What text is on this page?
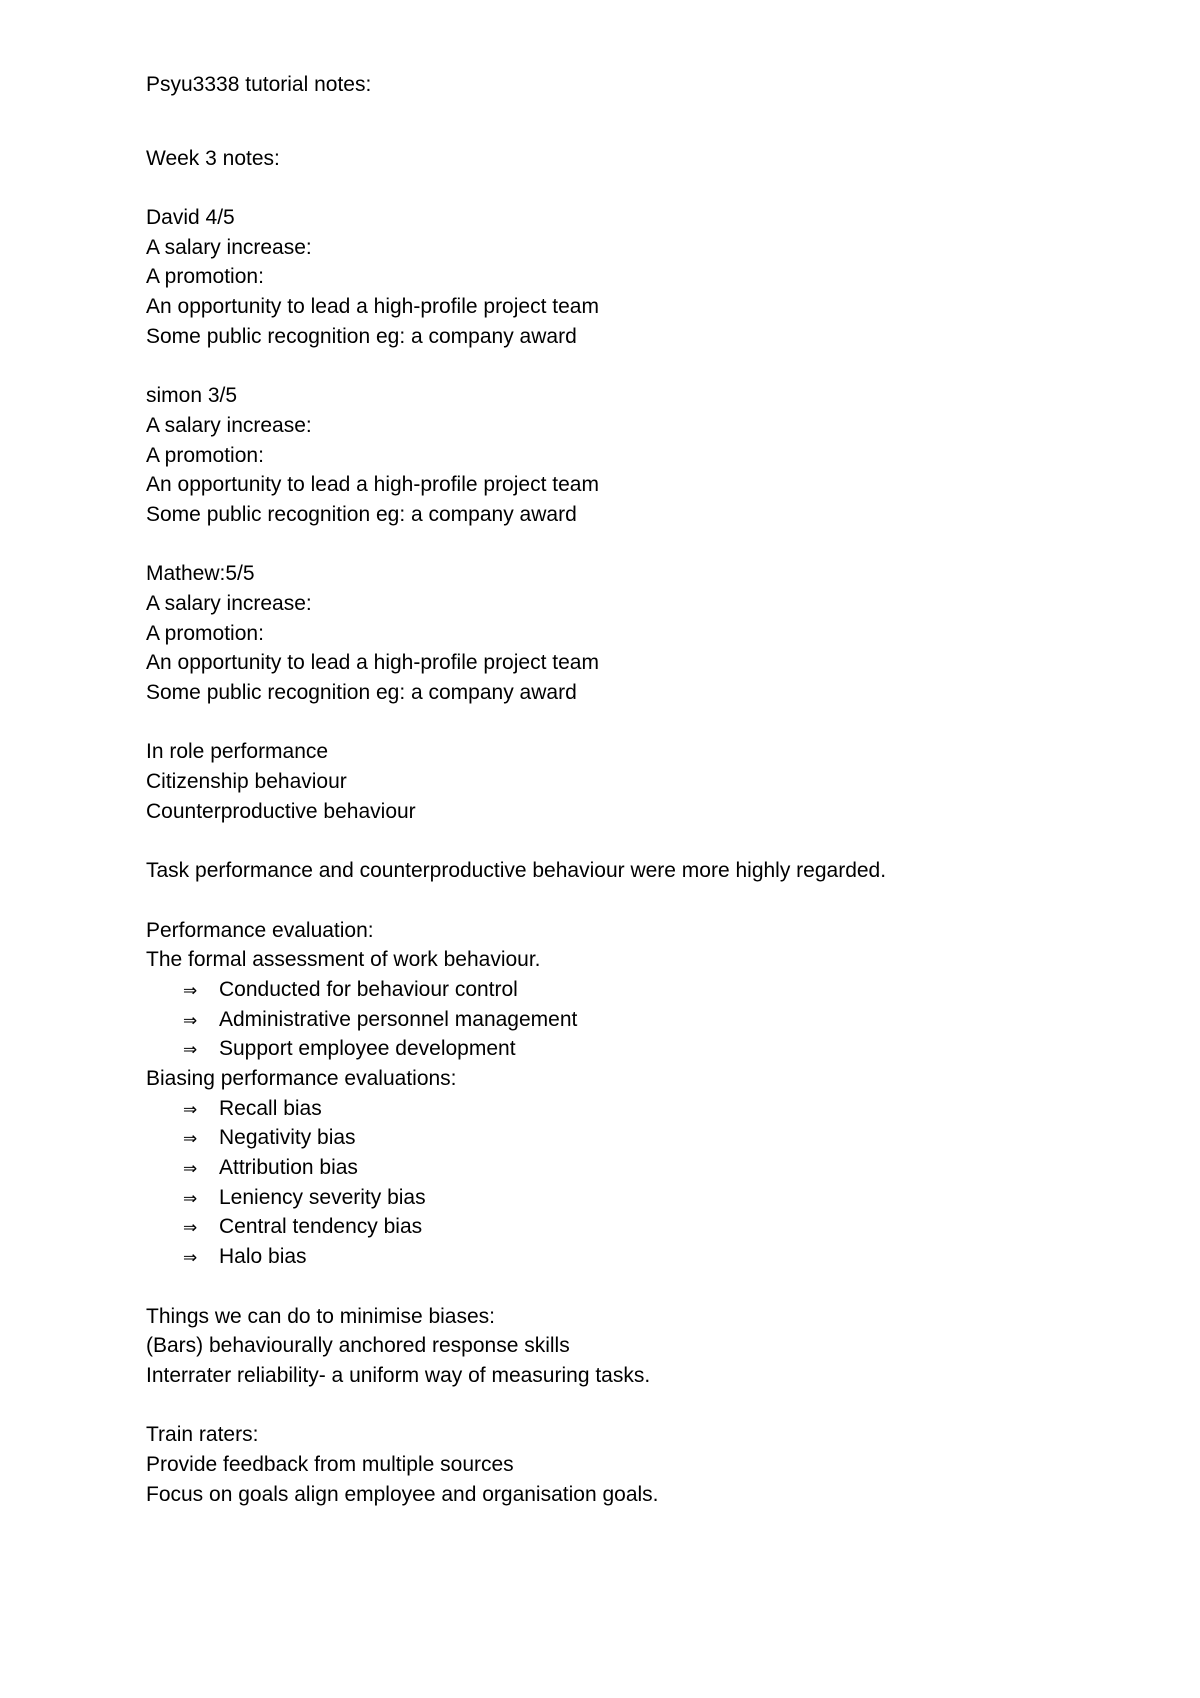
Psyu3338 tutorial notes:
Week 3 notes:
David 4/5
A salary increase:
A promotion:
An opportunity to lead a high-profile project team
Some public recognition eg: a company award
simon 3/5
A salary increase:
A promotion:
An opportunity to lead a high-profile project team
Some public recognition eg: a company award
Mathew:5/5
A salary increase:
A promotion:
An opportunity to lead a high-profile project team
Some public recognition eg: a company award
In role performance
Citizenship behaviour
Counterproductive behaviour
Task performance and counterproductive behaviour were more highly regarded.
Performance evaluation:
The formal assessment of work behaviour.
⇒ Conducted for behaviour control
⇒ Administrative personnel management
⇒ Support employee development
Biasing performance evaluations:
⇒ Recall bias
⇒ Negativity bias
⇒ Attribution bias
⇒ Leniency severity bias
⇒ Central tendency bias
⇒ Halo bias
Things we can do to minimise biases:
(Bars) behaviourally anchored response skills
Interrater reliability- a uniform way of measuring tasks.
Train raters:
Provide feedback from multiple sources
Focus on goals align employee and organisation goals.
